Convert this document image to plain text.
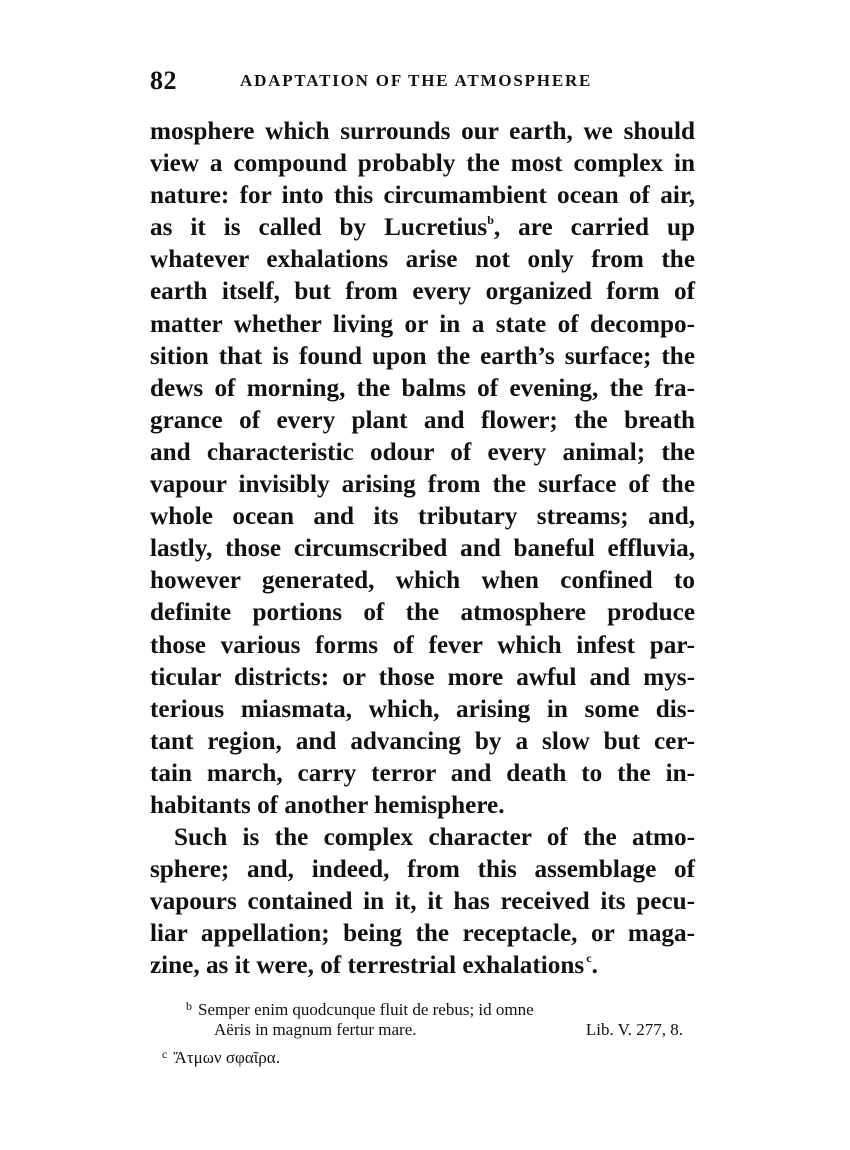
82	ADAPTATION OF THE ATMOSPHERE
mosphere which surrounds our earth, we should
view a compound probably the most complex in
nature: for into this circumambient ocean of air,
as it is called by Lucretius$^b$, are carried up
whatever exhalations arise not only from the
earth itself, but from every organized form of
matter whether living or in a state of decompo-
sition that is found upon the earth’s surface; the
dews of morning, the balms of evening, the fra-
grance of every plant and flower; the breath
and characteristic odour of every animal; the
vapour invisibly arising from the surface of the
whole ocean and its tributary streams; and,
lastly, those circumscribed and baneful effluvia,
however generated, which when confined to
definite portions of the atmosphere produce
those various forms of fever which infest par-
ticular districts: or those more awful and mys-
terious miasmata, which, arising in some dis-
tant region, and advancing by a slow but cer-
tain march, carry terror and death to the in-
habitants of another hemisphere.
Such is the complex character of the atmo-
sphere; and, indeed, from this assemblage of
vapours contained in it, it has received its pecu-
liar appellation; being the receptacle, or maga-
zine, as it were, of terrestrial exhalations  $^c$.
$^b$ Semper enim quodcunque fluit de rebus; id omne
Aëris in magnum fertur mare.	Lib. V. 277, 8.
$^c$ Ἄτμων σφαῖρα.
